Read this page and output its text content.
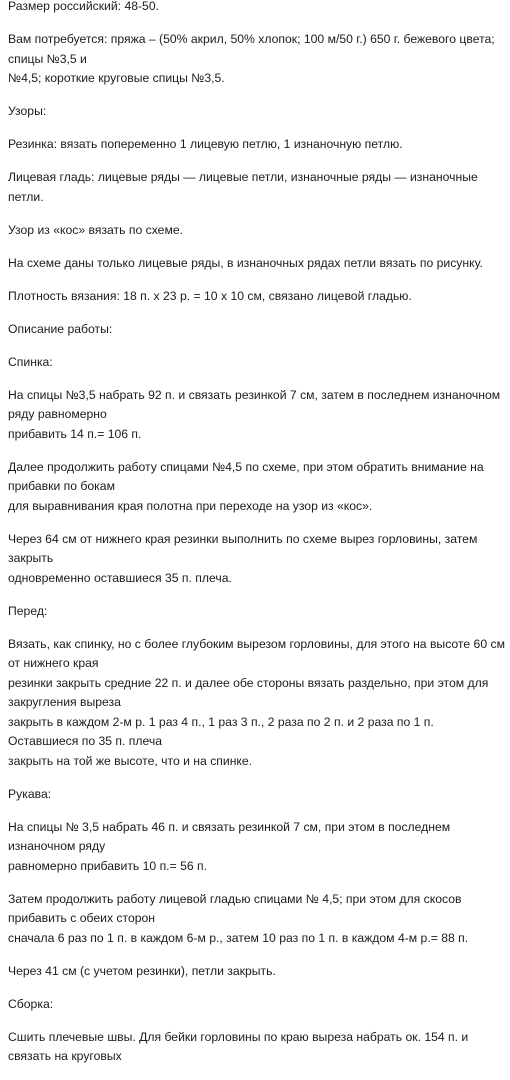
Размер российский: 48-50.

Вам потребуется: пряжа – (50% акрил, 50% хлопок; 100 м/50 г.) 650 г. бежевого цвета; спицы №3,5 и
№4,5; короткие круговые спицы №3,5.

Узоры:

Резинка: вязать попеременно 1 лицевую петлю, 1 изнаночную петлю.

Лицевая гладь: лицевые ряды — лицевые петли, изнаночные ряды — изнаночные петли.

Узор из «кос» вязать по схеме.

На схеме даны только лицевые ряды, в изнаночных рядах петли вязать по рисунку.

Плотность вязания: 18 п. х 23 р. = 10 х 10 см, связано лицевой гладью.

Описание работы:

Спинка:

На спицы №3,5 набрать 92 п. и связать резинкой 7 см, затем в последнем изнаночном ряду равномерно
прибавить 14 п.= 106 п.

Далее продолжить работу спицами №4,5 по схеме, при этом обратить внимание на прибавки по бокам
для выравнивания края полотна при переходе на узор из «кос».

Через 64 см от нижнего края резинки выполнить по схеме вырез горловины, затем закрыть
одновременно оставшиеся 35 п. плеча.

Перед:

Вязать, как спинку, но с более глубоким вырезом горловины, для этого на высоте 60 см от нижнего края
резинки закрыть средние 22 п. и далее обе стороны вязать раздельно, при этом для закругления выреза
закрыть в каждом 2-м р. 1 раз 4 п., 1 раз 3 п., 2 раза по 2 п. и 2 раза по 1 п. Оставшиеся по 35 п. плеча
закрыть на той же высоте, что и на спинке.

Рукава:

На спицы № 3,5 набрать 46 п. и связать резинкой 7 см, при этом в последнем изнаночном ряду
равномерно прибавить 10 п.= 56 п.

Затем продолжить работу лицевой гладью спицами № 4,5; при этом для скосов прибавить с обеих сторон
сначала 6 раз по 1 п. в каждом 6-м р., затем 10 раз по 1 п. в каждом 4-м р.= 88 п.

Через 41 см (с учетом резинки), петли закрыть.

Сборка:

Сшить плечевые швы. Для бейки горловины по краю выреза набрать ок. 154 п. и связать на круговых
